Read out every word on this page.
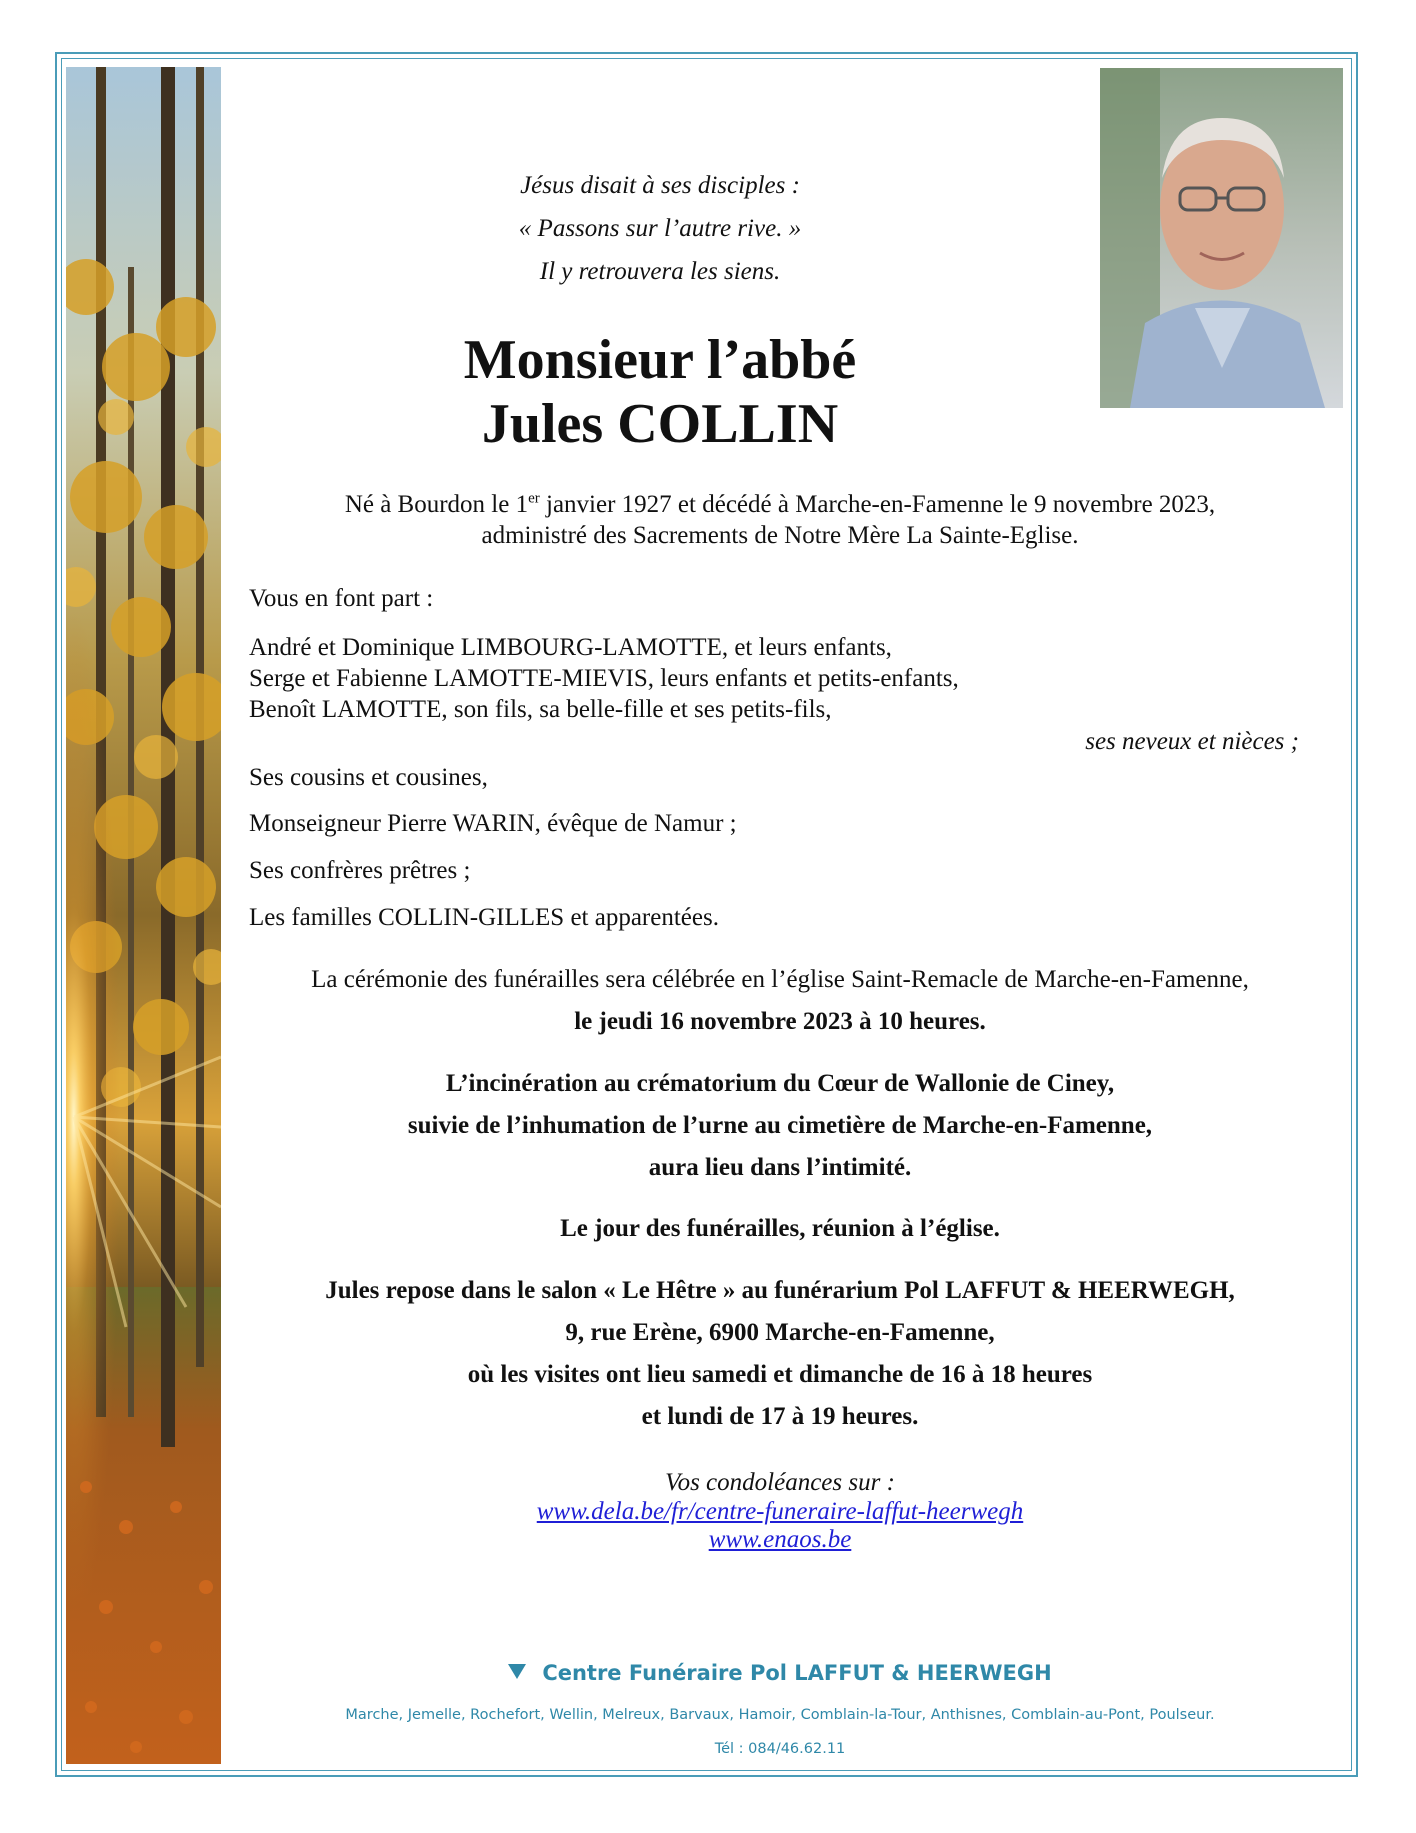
Jésus disait à ses disciples :
« Passons sur l’autre rive. »
Il y retrouvera les siens.

Monsieur l’abbé
Jules COLLIN

Né à Bourdon le 1er janvier 1927 et décédé à Marche-en-Famenne le 9 novembre 2023,
administré des Sacrements de Notre Mère La Sainte-Eglise.

Vous en font part :

André et Dominique LIMBOURG-LAMOTTE, et leurs enfants,
Serge et Fabienne LAMOTTE-MIEVIS, leurs enfants et petits-enfants,
Benoît LAMOTTE, son fils, sa belle-fille et ses petits-fils,

ses neveux et nièces ;

Ses cousins et cousines,

Monseigneur Pierre WARIN, évêque de Namur ;

Ses confrères prêtres ;

Les familles COLLIN-GILLES et apparentées.

La cérémonie des funérailles sera célébrée en l’église Saint-Remacle de Marche-en-Famenne,
le jeudi 16 novembre 2023 à 10 heures.
L’incinération au crématorium du Cœur de Wallonie de Ciney,
suivie de l’inhumation de l’urne au cimetière de Marche-en-Famenne,
aura lieu dans l’intimité.

Le jour des funérailles, réunion à l’église.

Jules repose dans le salon « Le Hêtre » au funérarium Pol LAFFUT & HEERWEGH,
9, rue Erène, 6900 Marche-en-Famenne,
où les visites ont lieu samedi et dimanche de 16 à 18 heures
et lundi de 17 à 19 heures.
Vos condoléances sur :
www.dela.be/fr/centre-funeraire-laffut-heerwegh
www.enaos.be

Centre Funéraire Pol LAFFUT & HEERWEGH

Marche, Jemelle, Rochefort, Wellin, Melreux, Barvaux, Hamoir, Comblain-la-Tour, Anthisnes, Comblain-au-Pont, Poulseur.

Tél : 084/46.62.11
